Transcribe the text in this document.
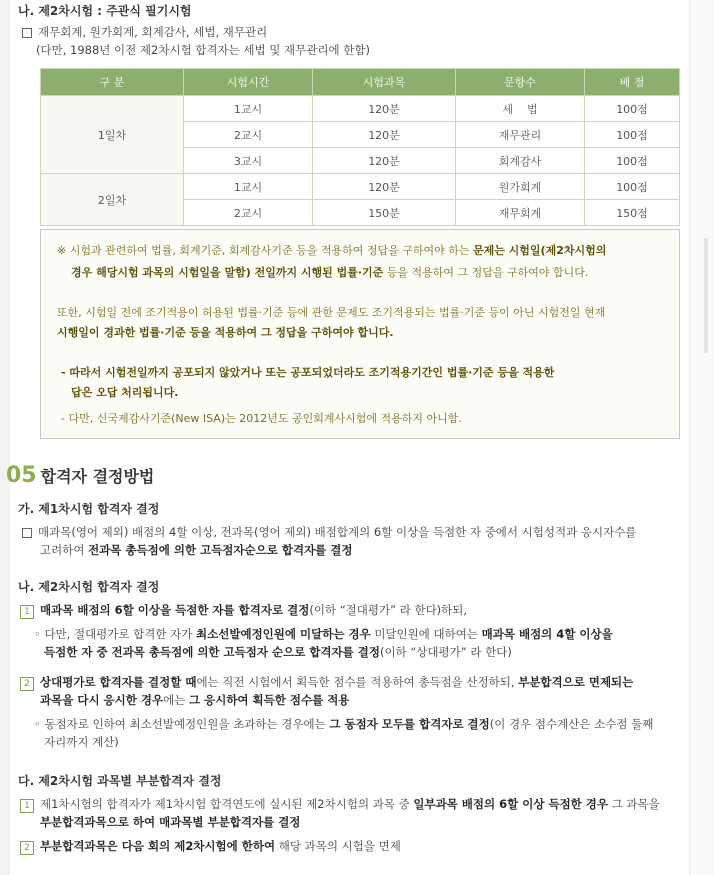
나. 제2차시험 : 주관식 필기시험
재무회계, 원가회계, 회계감사, 세법, 재무관리
(다만, 1988년 이전 제2차시험 합격자는 세법 및 재무관리에 한함)
구 분	시험시간	시험과목	문항수	배 점
1일차	1교시	120분	세    법	100점
	2교시	120분	재무관리	100점
	3교시	120분	회계감사	100점
2일차	1교시	120분	원가회계	100점
	2교시	150분	재무회계	150점
※ 시험과 관련하여 법률, 회계기준, 회계감사기준 등을 적용하여 정답을 구하여야 하는 문제는 시험일(제2차시험의
경우 해당시험 과목의 시험일을 말함) 전일까지 시행된 법률·기준 등을 적용하여 그 정답을 구하여야 합니다.
또한, 시험일 전에 조기적용이 허용된 법률·기준 등에 관한 문제도 조기적용되는 법률·기준 등이 아닌 시험전일 현재
시행일이 경과한 법률·기준 등을 적용하여 그 정답을 구하여야 합니다.
- 따라서 시험전일까지 공포되지 않았거나 또는 공포되었더라도 조기적용기간인 법률·기준 등을 적용한
답은 오답 처리됩니다.
- 다만, 신국제감사기준(New ISA)는 2012년도 공인회계사시험에 적용하지 아니함.
05 합격자 결정방법
가. 제1차시험 합격자 결정
매과목(영어 제외) 배점의 4할 이상, 전과목(영어 제외) 배점합계의 6할 이상을 득점한 자 중에서 시험성적과 응시자수를
고려하여 전과목 총득점에 의한 고득점자순으로 합격자를 결정
나. 제2차시험 합격자 결정
1 매과목 배점의 6할 이상을 득점한 자를 합격자로 결정(이하 “절대평가” 라 한다)하되,
◦ 다만, 절대평가로 합격한 자가 최소선발예정인원에 미달하는 경우 미달인원에 대하여는 매과목 배점의 4할 이상을
득점한 자 중 전과목 총득점에 의한 고득점자 순으로 합격자를 결정(이하 “상대평가” 라 한다)
2 상대평가로 합격자를 결정할 때에는 직전 시험에서 획득한 점수를 적용하여 총득점을 산정하되, 부분합격으로 면제되는
과목을 다시 응시한 경우에는 그 응시하여 획득한 점수를 적용
◦ 동점자로 인하여 최소선발예정인원을 초과하는 경우에는 그 동점자 모두를 합격자로 결정(이 경우 점수계산은 소수점 둘째
자리까지 계산)
다. 제2차시험 과목별 부분합격자 결정
1 제1차시험의 합격자가 제1차시험 합격연도에 실시된 제2차시험의 과목 중 일부과목 배점의 6할 이상 득점한 경우 그 과목을
부분합격과목으로 하여 매과목별 부분합격자를 결정
2 부분합격과목은 다음 회의 제2차시험에 한하여 해당 과목의 시험을 면제
